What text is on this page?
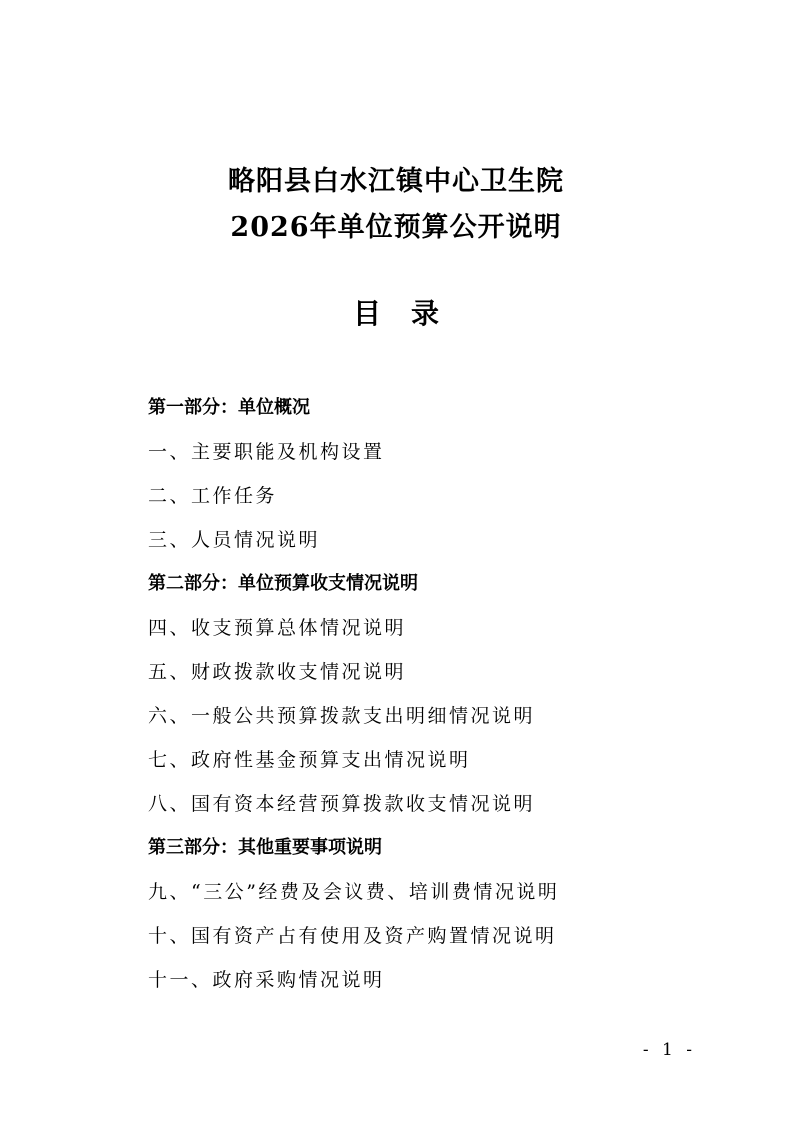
略阳县白水江镇中心卫生院
2026年单位预算公开说明
目 录
第一部分：单位概况
一、主要职能及机构设置
二、工作任务
三、人员情况说明
第二部分：单位预算收支情况说明
四、收支预算总体情况说明
五、财政拨款收支情况说明
六、一般公共预算拨款支出明细情况说明
七、政府性基金预算支出情况说明
八、国有资本经营预算拨款收支情况说明
第三部分：其他重要事项说明
九、“三公”经费及会议费、培训费情况说明
十、国有资产占有使用及资产购置情况说明
十一、政府采购情况说明
- 1 -
